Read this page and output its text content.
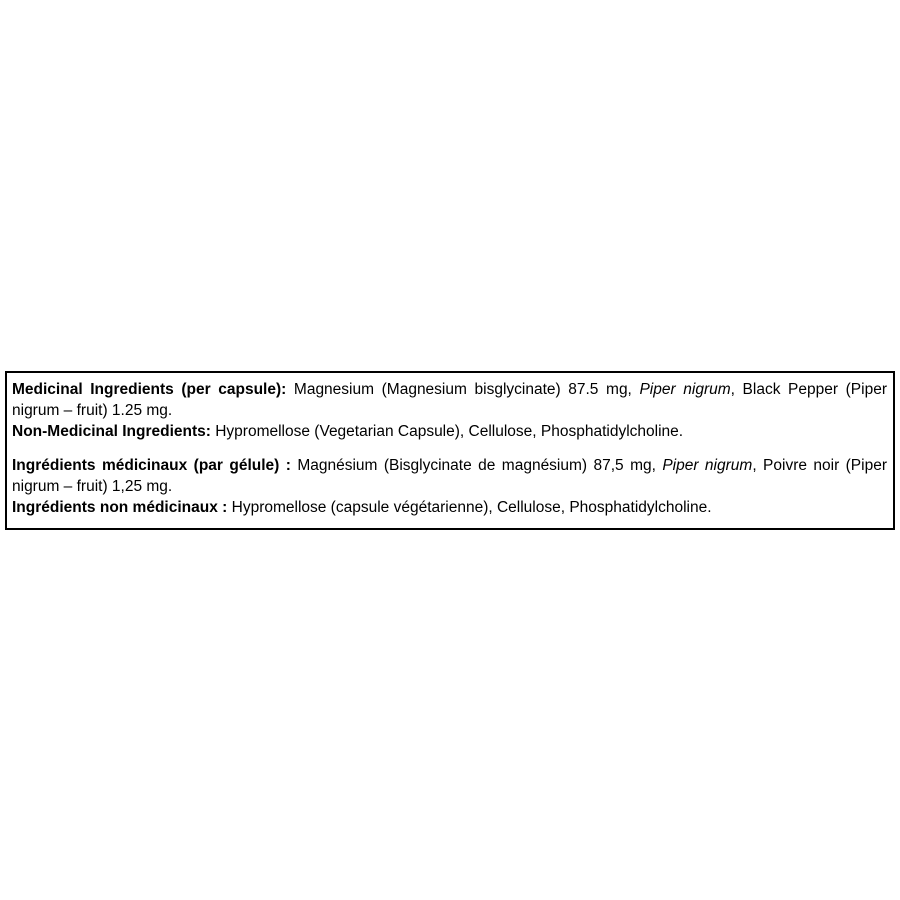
Medicinal Ingredients (per capsule): Magnesium (Magnesium bisglycinate) 87.5 mg, Piper nigrum, Black Pepper (Piper nigrum – fruit) 1.25 mg.

Non-Medicinal Ingredients: Hypromellose (Vegetarian Capsule), Cellulose, Phosphatidylcholine.

Ingrédients médicinaux (par gélule) : Magnésium (Bisglycinate de magnésium) 87,5 mg, Piper nigrum, Poivre noir (Piper nigrum – fruit) 1,25 mg.

Ingrédients non médicinaux : Hypromellose (capsule végétarienne), Cellulose, Phosphatidylcholine.
